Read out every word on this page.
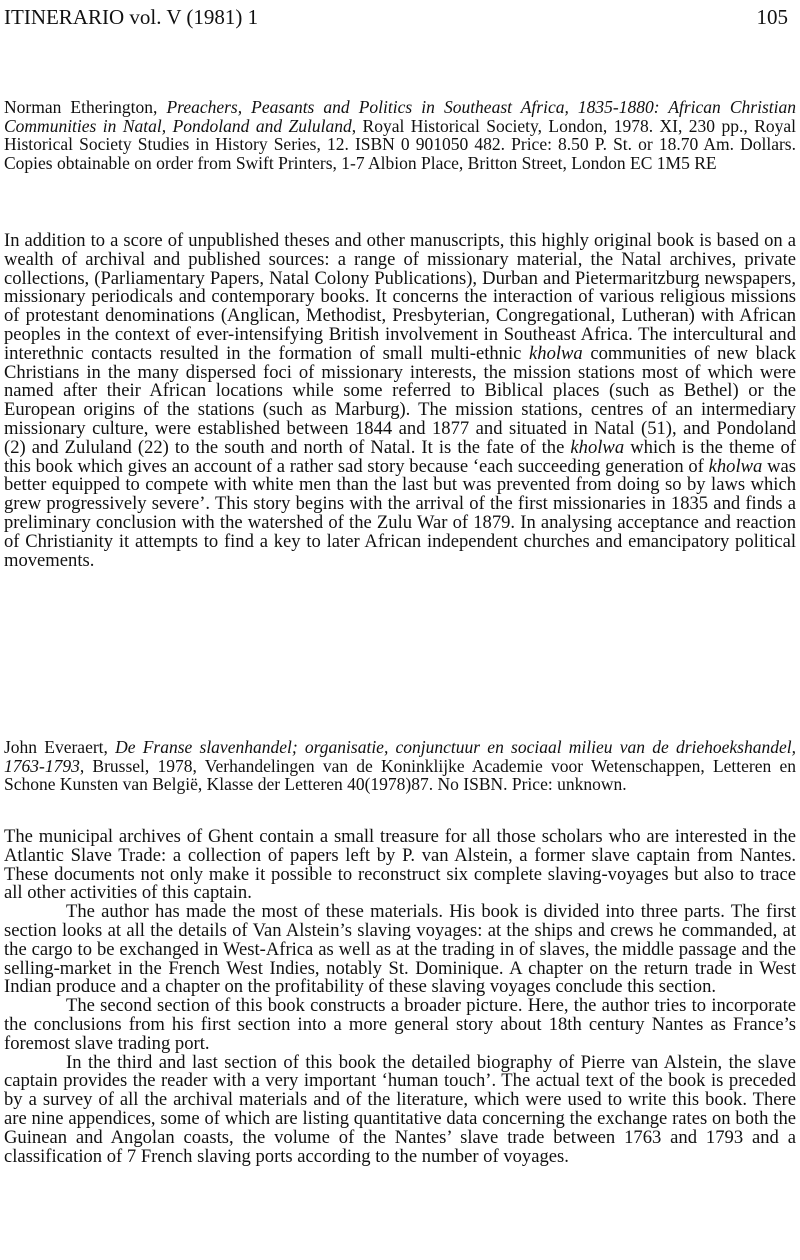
ITINERARIO vol. V (1981) 1	105
Norman Etherington, Preachers, Peasants and Politics in Southeast Africa, 1835-1880: African Christian Communities in Natal, Pondoland and Zululand, Royal Historical Society, London, 1978. XI, 230 pp., Royal Historical Society Studies in History Series, 12. ISBN 0 901050 482. Price: 8.50 P. St. or 18.70 Am. Dollars. Copies obtainable on order from Swift Printers, 1-7 Albion Place, Britton Street, London EC 1M5 RE

In addition to a score of unpublished theses and other manuscripts, this highly original book is based on a wealth of archival and published sources: a range of missionary material, the Natal archives, private collections, (Parliamentary Papers, Natal Colony Publications), Durban and Pietermaritzburg newspapers, missionary periodicals and contemporary books. It concerns the interaction of various religious missions of protestant denominations (Anglican, Methodist, Presbyterian, Congregational, Lutheran) with African peoples in the context of ever-intensifying British involvement in Southeast Africa. The intercultural and interethnic contacts resulted in the formation of small multi-ethnic kholwa communities of new black Christians in the many dispersed foci of missionary interests, the mission stations most of which were named after their African locations while some referred to Biblical places (such as Bethel) or the European origins of the stations (such as Marburg). The mission stations, centres of an intermediary missionary culture, were established between 1844 and 1877 and situated in Natal (51), and Pondoland (2) and Zululand (22) to the south and north of Natal. It is the fate of the kholwa which is the theme of this book which gives an account of a rather sad story because ‘each succeeding generation of kholwa was better equipped to compete with white men than the last but was prevented from doing so by laws which grew progressively severe’. This story begins with the arrival of the first missionaries in 1835 and finds a preliminary conclusion with the watershed of the Zulu War of 1879. In analysing acceptance and reaction of Christianity it attempts to find a key to later African independent churches and emancipatory political movements.

John Everaert, De Franse slavenhandel; organisatie, conjunctuur en sociaal milieu van de driehoekshandel, 1763-1793, Brussel, 1978, Verhandelingen van de Koninklijke Academie voor Wetenschappen, Letteren en Schone Kunsten van België, Klasse der Letteren 40(1978)87. No ISBN. Price: unknown.

The municipal archives of Ghent contain a small treasure for all those scholars who are interested in the Atlantic Slave Trade: a collection of papers left by P. van Alstein, a former slave captain from Nantes. These documents not only make it possible to reconstruct six complete slaving-voyages but also to trace all other activities of this captain.

The author has made the most of these materials. His book is divided into three parts. The first section looks at all the details of Van Alstein’s slaving voyages: at the ships and crews he commanded, at the cargo to be exchanged in West-Africa as well as at the trading in of slaves, the middle passage and the selling-market in the French West Indies, notably St. Dominique. A chapter on the return trade in West Indian produce and a chapter on the profitability of these slaving voyages conclude this section.

The second section of this book constructs a broader picture. Here, the author tries to incorporate the conclusions from his first section into a more general story about 18th century Nantes as France’s foremost slave trading port.

In the third and last section of this book the detailed biography of Pierre van Alstein, the slave captain provides the reader with a very important ‘human touch’. The actual text of the book is preceded by a survey of all the archival materials and of the literature, which were used to write this book. There are nine appendices, some of which are listing quantitative data concerning the exchange rates on both the Guinean and Angolan coasts, the volume of the Nantes’ slave trade between 1763 and 1793 and a classification of 7 French slaving ports according to the number of voyages.
